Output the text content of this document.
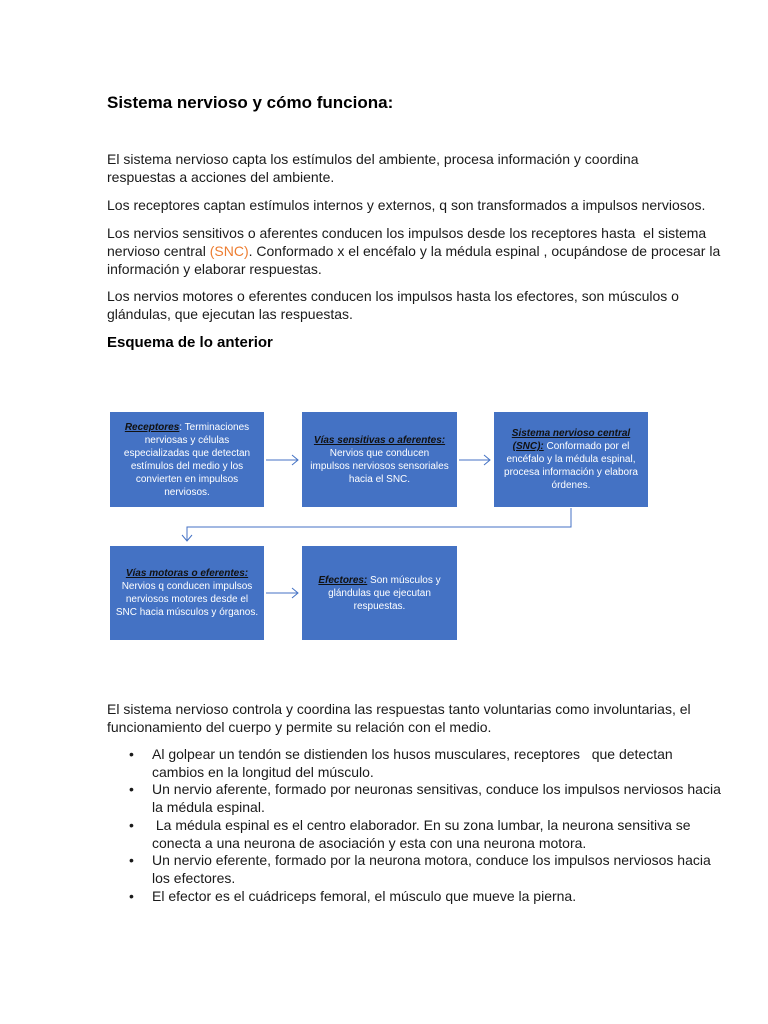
Sistema nervioso y cómo funciona:

El sistema nervioso capta los estímulos del ambiente, procesa información y coordina respuestas a acciones del ambiente.

Los receptores captan estímulos internos y externos, q son transformados a impulsos nerviosos.

Los nervios sensitivos o aferentes conducen los impulsos desde los receptores hasta  el sistema nervioso central (SNC). Conformado x el encéfalo y la médula espinal , ocupándose de procesar la información y elaborar respuestas.

Los nervios motores o eferentes conducen los impulsos hasta los efectores, son músculos o glándulas, que ejecutan las respuestas.

Esquema de lo anterior
Receptores: Terminaciones nerviosas y células especializadas que detectan estímulos del medio y los convierten en impulsos nerviosos.
Vías sensitivas o aferentes: Nervios que conducen impulsos nerviosos sensoriales hacia el SNC.
Sistema nervioso central (SNC): Conformado por el encéfalo y la médula espinal, procesa información y elabora órdenes.
Vías motoras o eferentes: Nervios q conducen impulsos nerviosos motores desde el SNC hacia músculos y órganos.
Efectores: Son músculos y glándulas que ejecutan respuestas.

El sistema nervioso controla y coordina las respuestas tanto voluntarias como involuntarias, el funcionamiento del cuerpo y permite su relación con el medio.

•
Al golpear un tendón se distienden los husos musculares, receptores   que detectan cambios en la longitud del músculo.
•
Un nervio aferente, formado por neuronas sensitivas, conduce los impulsos nerviosos hacia la médula espinal.
•
La médula espinal es el centro elaborador. En su zona lumbar, la neurona sensitiva se conecta a una neurona de asociación y esta con una neurona motora.
•
Un nervio eferente, formado por la neurona motora, conduce los impulsos nerviosos hacia los efectores.
•
El efector es el cuádriceps femoral, el músculo que mueve la pierna.
